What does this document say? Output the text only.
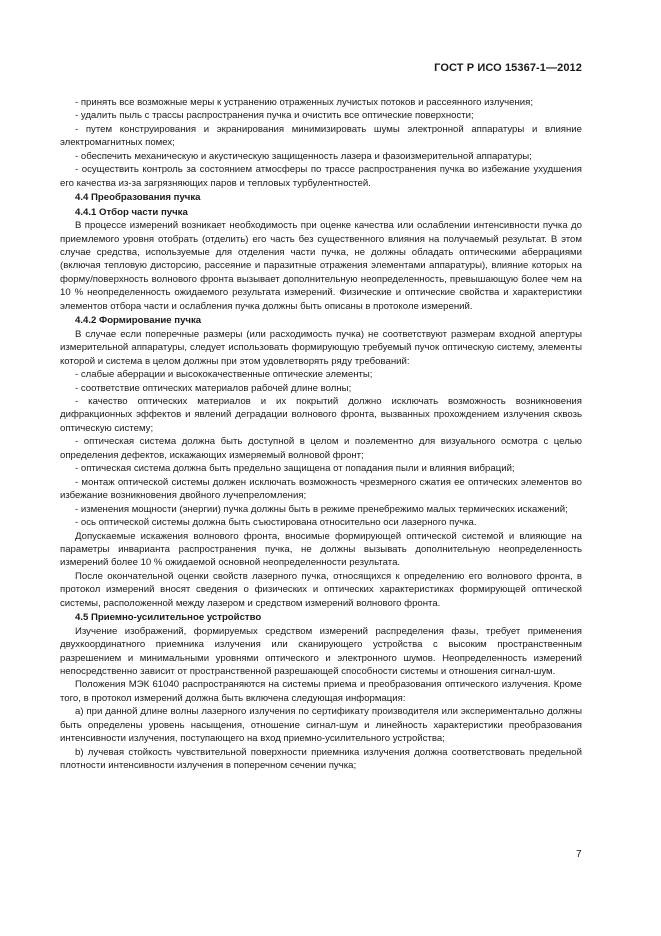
ГОСТ Р ИСО 15367-1—2012

- принять все возможные меры к устранению отраженных лучистых потоков и рассеянного излучения;

- удалить пыль с трассы распространения пучка и очистить все оптические поверхности;

- путем конструирования и экранирования минимизировать шумы электронной аппаратуры и влияние электромагнитных помех;

- обеспечить механическую и акустическую защищенность лазера и фазоизмерительной аппаратуры;

- осуществить контроль за состоянием атмосферы по трассе распространения пучка во избежание ухудшения его качества из-за загрязняющих паров и тепловых турбулентностей.

4.4 Преобразования пучка

4.4.1 Отбор части пучка

В процессе измерений возникает необходимость при оценке качества или ослаблении интенсивности пучка до приемлемого уровня отобрать (отделить) его часть без существенного влияния на получаемый результат. В этом случае средства, используемые для отделения части пучка, не должны обладать оптическими аберрациями (включая тепловую дисторсию, рассеяние и паразитные отражения элементами аппаратуры), влияние которых на форму/поверхность волнового фронта вызывает дополнительную неопределенность, превышающую более чем на 10 % неопределенность ожидаемого результата измерений. Физические и оптические свойства и характеристики элементов отбора части и ослабления пучка должны быть описаны в протоколе измерений.

4.4.2 Формирование пучка

В случае если поперечные размеры (или расходимость пучка) не соответствуют размерам входной апертуры измерительной аппаратуры, следует использовать формирующую требуемый пучок оптическую систему, элементы которой и система в целом должны при этом удовлетворять ряду требований:

- слабые аберрации и высококачественные оптические элементы;

- соответствие оптических материалов рабочей длине волны;

- качество оптических материалов и их покрытий должно исключать возможность возникновения дифракционных эффектов и явлений деградации волнового фронта, вызванных прохождением излучения сквозь оптическую систему;

- оптическая система должна быть доступной в целом и поэлементно для визуального осмотра с целью определения дефектов, искажающих измеряемый волновой фронт;

- оптическая система должна быть предельно защищена от попадания пыли и влияния вибраций;

- монтаж оптической системы должен исключать возможность чрезмерного сжатия ее оптических элементов во избежание возникновения двойного лучепреломления;

- изменения мощности (энергии) пучка должны быть в режиме пренебрежимо малых термических искажений;

- ось оптической системы должна быть съюстирована относительно оси лазерного пучка.

Допускаемые искажения волнового фронта, вносимые формирующей оптической системой и влияющие на параметры инварианта распространения пучка, не должны вызывать дополнительную неопределенность измерений более 10 % ожидаемой основной неопределенности результата.

После окончательной оценки свойств лазерного пучка, относящихся к определению его волнового фронта, в протокол измерений вносят сведения о физических и оптических характеристиках формирующей оптической системы, расположенной между лазером и средством измерений волнового фронта.

4.5 Приемно-усилительное устройство

Изучение изображений, формируемых средством измерений распределения фазы, требует применения двухкоординатного приемника излучения или сканирующего устройства с высоким пространственным разрешением и минимальными уровнями оптического и электронного шумов. Неопределенность измерений непосредственно зависит от пространственной разрешающей способности системы и отношения сигнал-шум.

Положения МЭК 61040 распространяются на системы приема и преобразования оптического излучения. Кроме того, в протокол измерений должна быть включена следующая информация:

a) при данной длине волны лазерного излучения по сертификату производителя или экспериментально должны быть определены уровень насыщения, отношение сигнал-шум и линейность характеристики преобразования интенсивности излучения, поступающего на вход приемно-усилительного устройства;

b) лучевая стойкость чувствительной поверхности приемника излучения должна соответствовать предельной плотности интенсивности излучения в поперечном сечении пучка;

7
